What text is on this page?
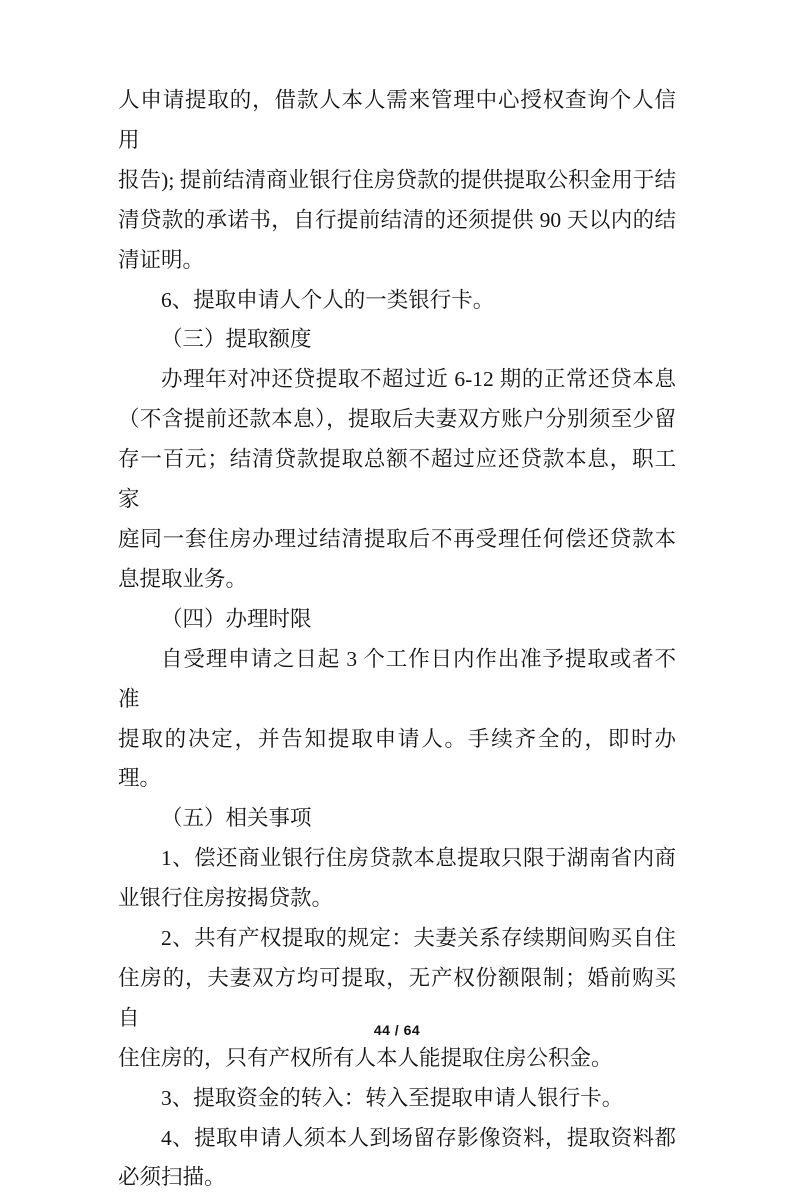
人申请提取的，借款人本人需来管理中心授权查询个人信用
报告); 提前结清商业银行住房贷款的提供提取公积金用于结
清贷款的承诺书，自行提前结清的还须提供 90 天以内的结
清证明。
6、提取申请人个人的一类银行卡。
（三）提取额度
办理年对冲还贷提取不超过近 6-12 期的正常还贷本息
（不含提前还款本息），提取后夫妻双方账户分别须至少留
存一百元；结清贷款提取总额不超过应还贷款本息，职工家
庭同一套住房办理过结清提取后不再受理任何偿还贷款本
息提取业务。
（四）办理时限
自受理申请之日起 3 个工作日内作出准予提取或者不准
提取的决定，并告知提取申请人。手续齐全的，即时办理。
（五）相关事项
1、偿还商业银行住房贷款本息提取只限于湖南省内商
业银行住房按揭贷款。
2、共有产权提取的规定：夫妻关系存续期间购买自住
住房的，夫妻双方均可提取，无产权份额限制；婚前购买自
住住房的，只有产权所有人本人能提取住房公积金。
3、提取资金的转入：转入至提取申请人银行卡。
4、提取申请人须本人到场留存影像资料，提取资料都
必须扫描。
44 / 64
